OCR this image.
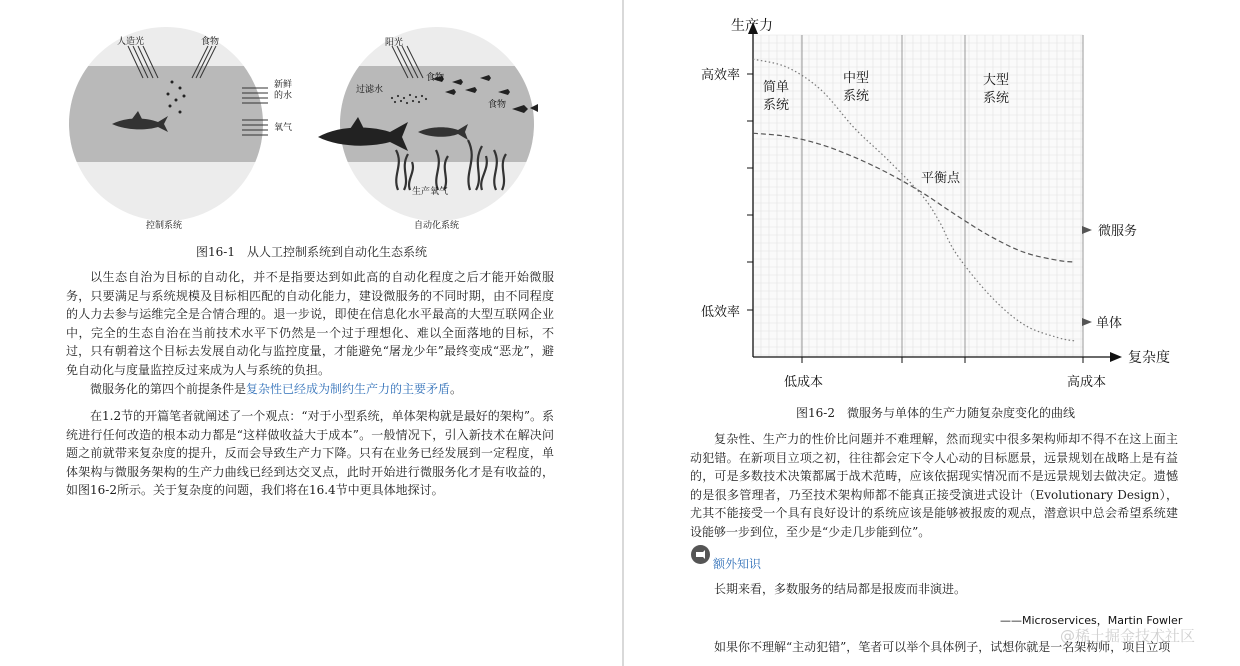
人造光	食物
新鲜的水
氧气
控制系统
阳光
过滤水
食物
食物
生产氧气
自动化系统
图16-1　从人工控制系统到自动化生态系统

以生态自治为目标的自动化，并不是指要达到如此高的自动化程度之后才能开始微服务，只要满足与系统规模及目标相匹配的自动化能力，建设微服务的不同时期，由不同程度的人力去参与运维完全是合情合理的。退一步说，即使在信息化水平最高的大型互联网企业中，完全的生态自治在当前技术水平下仍然是一个过于理想化、难以全面落地的目标，不过，只有朝着这个目标去发展自动化与监控度量，才能避免“屠龙少年”最终变成“恶龙”，避免自动化与度量监控反过来成为人与系统的负担。

微服务化的第四个前提条件是复杂性已经成为制约生产力的主要矛盾。

在1.2节的开篇笔者就阐述了一个观点：“对于小型系统，单体架构就是最好的架构”。系统进行任何改造的根本动力都是“这样做收益大于成本”。一般情况下，引入新技术在解决问题之前就带来复杂度的提升，反而会导致生产力下降。只有在业务已经发展到一定程度，单体架构与微服务架构的生产力曲线已经到达交叉点，此时开始进行微服务化才是有收益的，如图16-2所示。关于复杂度的问题，我们将在16.4节中更具体地探讨。

生产力
复杂度
高效率
低效率
低成本	高成本
简单 系统
中型 系统
大型 系统
平衡点
微服务
单体
图16-2　微服务与单体的生产力随复杂度变化的曲线

复杂性、生产力的性价比问题并不难理解，然而现实中很多架构师却不得不在这上面主动犯错。在新项目立项之初，往往都会定下令人心动的目标愿景，远景规划在战略上是有益的，可是多数技术决策都属于战术范畴，应该依据现实情况而不是远景规划去做决定。遗憾的是很多管理者，乃至技术架构师都不能真正接受演进式设计（Evolutionary Design），尤其不能接受一个具有良好设计的系统应该是能够被报废的观点，潜意识中总会希望系统建设能够一步到位，至少是“少走几步能到位”。

额外知识

长期来看，多数服务的结局都是报废而非演进。

——Microservices，Martin Fowler

如果你不理解“主动犯错”，笔者可以举个具体例子，试想你就是一名架构师，项目立项

@稀土掘金技术社区
